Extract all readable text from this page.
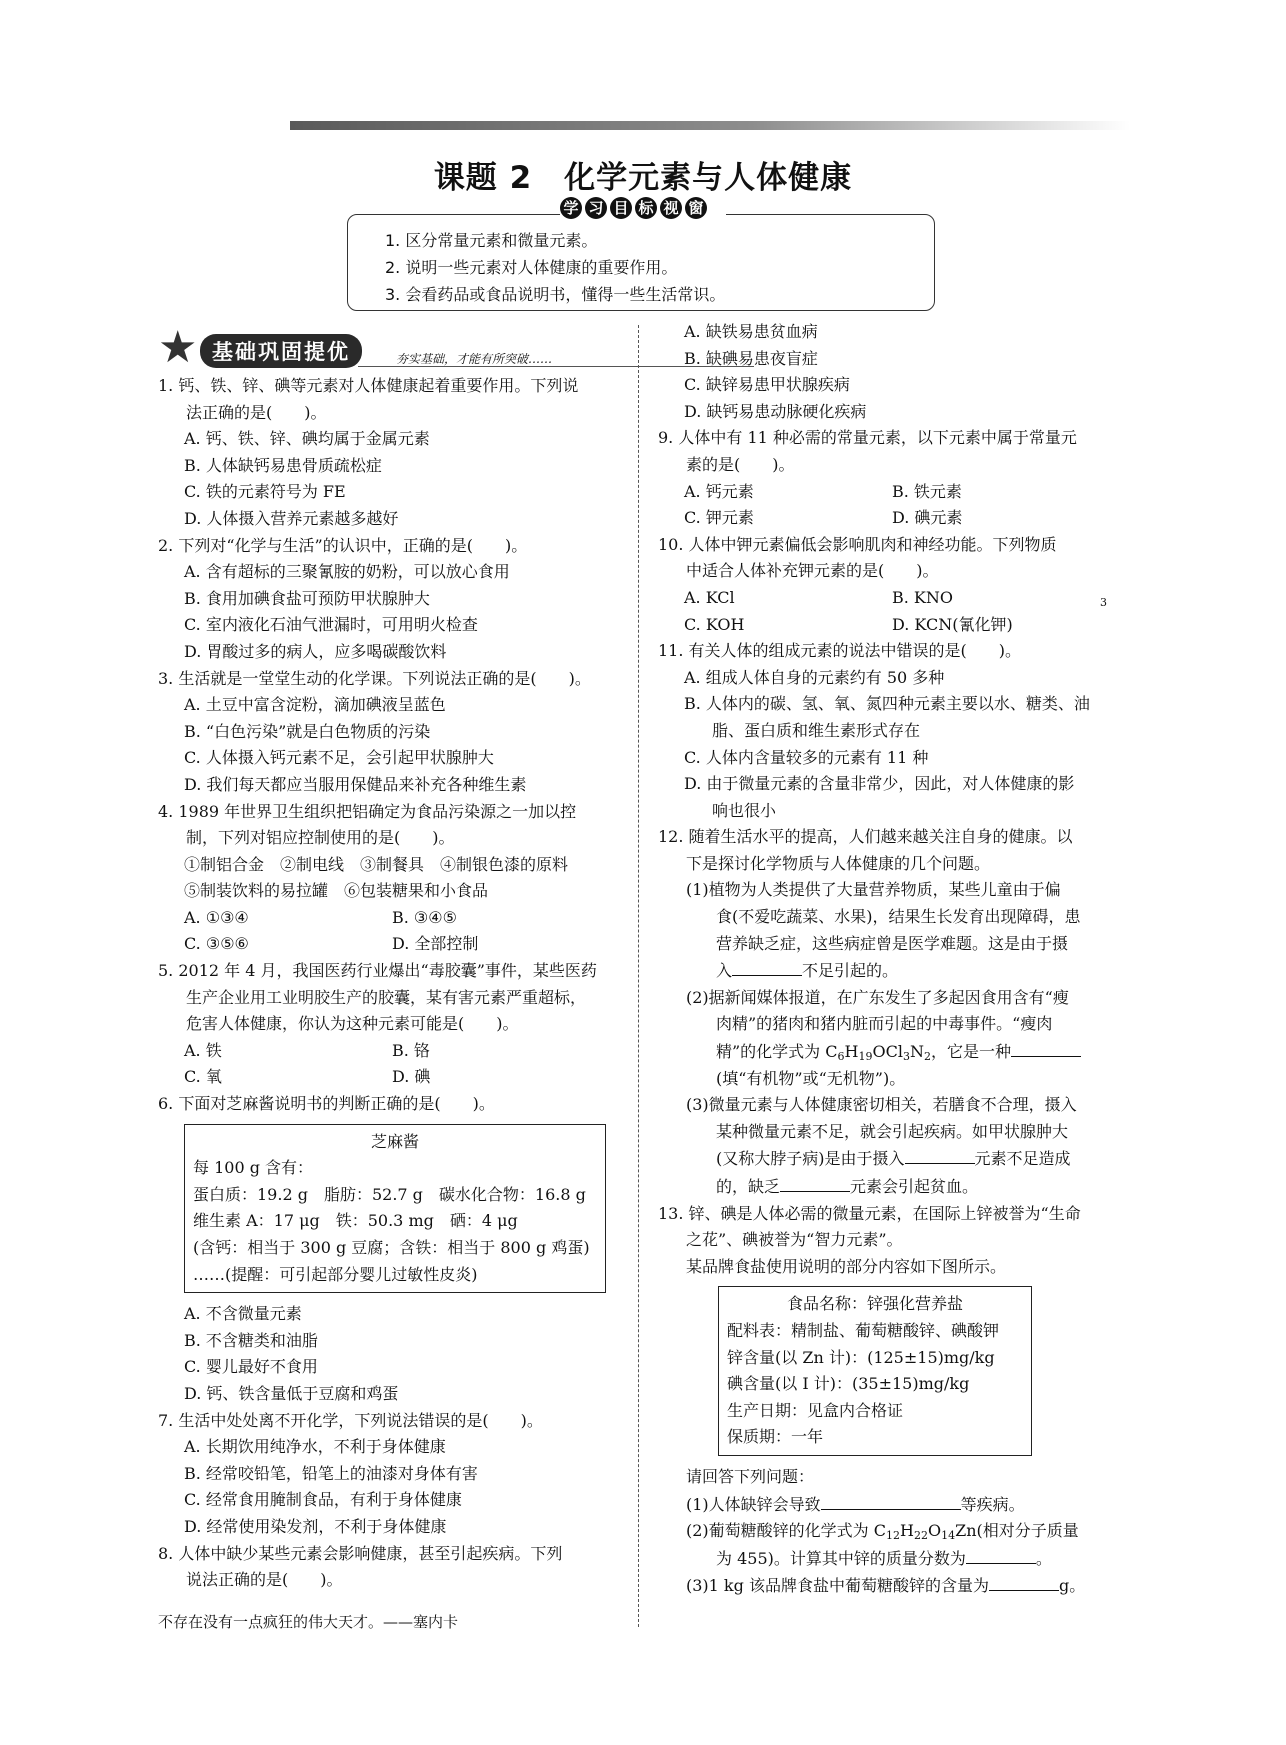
课题 2　化学元素与人体健康
学 习 目 标 视 窗
1. 区分常量元素和微量元素。
2. 说明一些元素对人体健康的重要作用。
3. 会看药品或食品说明书，懂得一些生活常识。
★ 基础巩固提优	夯实基础，才能有所突破……

1. 钙、铁、锌、碘等元素对人体健康起着重要作用。下列说

法正确的是(　　)。

A. 钙、铁、锌、碘均属于金属元素

B. 人体缺钙易患骨质疏松症

C. 铁的元素符号为 FE

D. 人体摄入营养元素越多越好

2. 下列对“化学与生活”的认识中，正确的是(　　)。

A. 含有超标的三聚氰胺的奶粉，可以放心食用

B. 食用加碘食盐可预防甲状腺肿大

C. 室内液化石油气泄漏时，可用明火检查

D. 胃酸过多的病人，应多喝碳酸饮料

3. 生活就是一堂堂生动的化学课。下列说法正确的是(　　)。

A. 土豆中富含淀粉，滴加碘液呈蓝色

B. “白色污染”就是白色物质的污染

C. 人体摄入钙元素不足，会引起甲状腺肿大

D. 我们每天都应当服用保健品来补充各种维生素

4. 1989 年世界卫生组织把铝确定为食品污染源之一加以控

制，下列对铝应控制使用的是(　　)。

①制铝合金　②制电线　③制餐具　④制银色漆的原料

⑤制装饮料的易拉罐　⑥包装糖果和小食品

A. ①③④	B. ③④⑤

C. ③⑤⑥	D. 全部控制

5. 2012 年 4 月，我国医药行业爆出“毒胶囊”事件，某些医药

生产企业用工业明胶生产的胶囊，某有害元素严重超标，

危害人体健康，你认为这种元素可能是(　　)。

A. 铁	B. 铬

C. 氧	D. 碘

6. 下面对芝麻酱说明书的判断正确的是(　　)。

芝麻酱
每 100 g 含有：
蛋白质：19.2 g　脂肪：52.7 g　碳水化合物：16.8 g
维生素 A：17 μg　铁：50.3 mg　硒：4 μg
(含钙：相当于 300 g 豆腐；含铁：相当于 800 g 鸡蛋)
……(提醒：可引起部分婴儿过敏性皮炎)

A. 不含微量元素

B. 不含糖类和油脂

C. 婴儿最好不食用

D. 钙、铁含量低于豆腐和鸡蛋

7. 生活中处处离不开化学，下列说法错误的是(　　)。

A. 长期饮用纯净水，不利于身体健康

B. 经常咬铅笔，铅笔上的油漆对身体有害

C. 经常食用腌制食品，有利于身体健康

D. 经常使用染发剂，不利于身体健康

8. 人体中缺少某些元素会影响健康，甚至引起疾病。下列

说法正确的是(　　)。

A. 缺铁易患贫血病

B. 缺碘易患夜盲症

C. 缺锌易患甲状腺疾病

D. 缺钙易患动脉硬化疾病

9. 人体中有 11 种必需的常量元素，以下元素中属于常量元

素的是(　　)。

A. 钙元素	B. 铁元素

C. 钾元素	D. 碘元素

10. 人体中钾元素偏低会影响肌肉和神经功能。下列物质

中适合人体补充钾元素的是(　　)。

A. KCl	B. KNO	$_3$

C. KOH	D. KCN(氰化钾)

11. 有关人体的组成元素的说法中错误的是(　　)。

A. 组成人体自身的元素约有 50 多种

B. 人体内的碳、氢、氧、氮四种元素主要以水、糖类、油

脂、蛋白质和维生素形式存在

C. 人体内含量较多的元素有 11 种

D. 由于微量元素的含量非常少，因此，对人体健康的影

响也很小

12. 随着生活水平的提高，人们越来越关注自身的健康。以

下是探讨化学物质与人体健康的几个问题。

(1)植物为人类提供了大量营养物质，某些儿童由于偏

食(不爱吃蔬菜、水果)，结果生长发育出现障碍，患

营养缺乏症，这些病症曾是医学难题。这是由于摄

入	不足引起的。

(2)据新闻媒体报道，在广东发生了多起因食用含有“瘦

肉精”的猪肉和猪内脏而引起的中毒事件。“瘦肉

精”的化学式为 $C_6H_{19}OCl_3N_2$，它是一种

(填“有机物”或“无机物”)。

(3)微量元素与人体健康密切相关，若膳食不合理，摄入

某种微量元素不足，就会引起疾病。如甲状腺肿大

(又称大脖子病)是由于摄入	元素不足造成

的，缺乏	元素会引起贫血。

13. 锌、碘是人体必需的微量元素，在国际上锌被誉为“生命

之花”、碘被誉为“智力元素”。

某品牌食盐使用说明的部分内容如下图所示。

食品名称：锌强化营养盐
配料表：精制盐、葡萄糖酸锌、碘酸钾
锌含量(以 Zn 计)：(125±15)mg/kg
碘含量(以 I 计)：(35±15)mg/kg
生产日期：见盒内合格证
保质期：一年

请回答下列问题：

(1)人体缺锌会导致	等疾病。

(2)葡萄糖酸锌的化学式为 $C_{12}H_{22}O_{14}Zn$(相对分子质量

为 455)。计算其中锌的质量分数为	。

(3)1 kg 该品牌食盐中葡萄糖酸锌的含量为	g。

不存在没有一点疯狂的伟大天才。——塞内卡
